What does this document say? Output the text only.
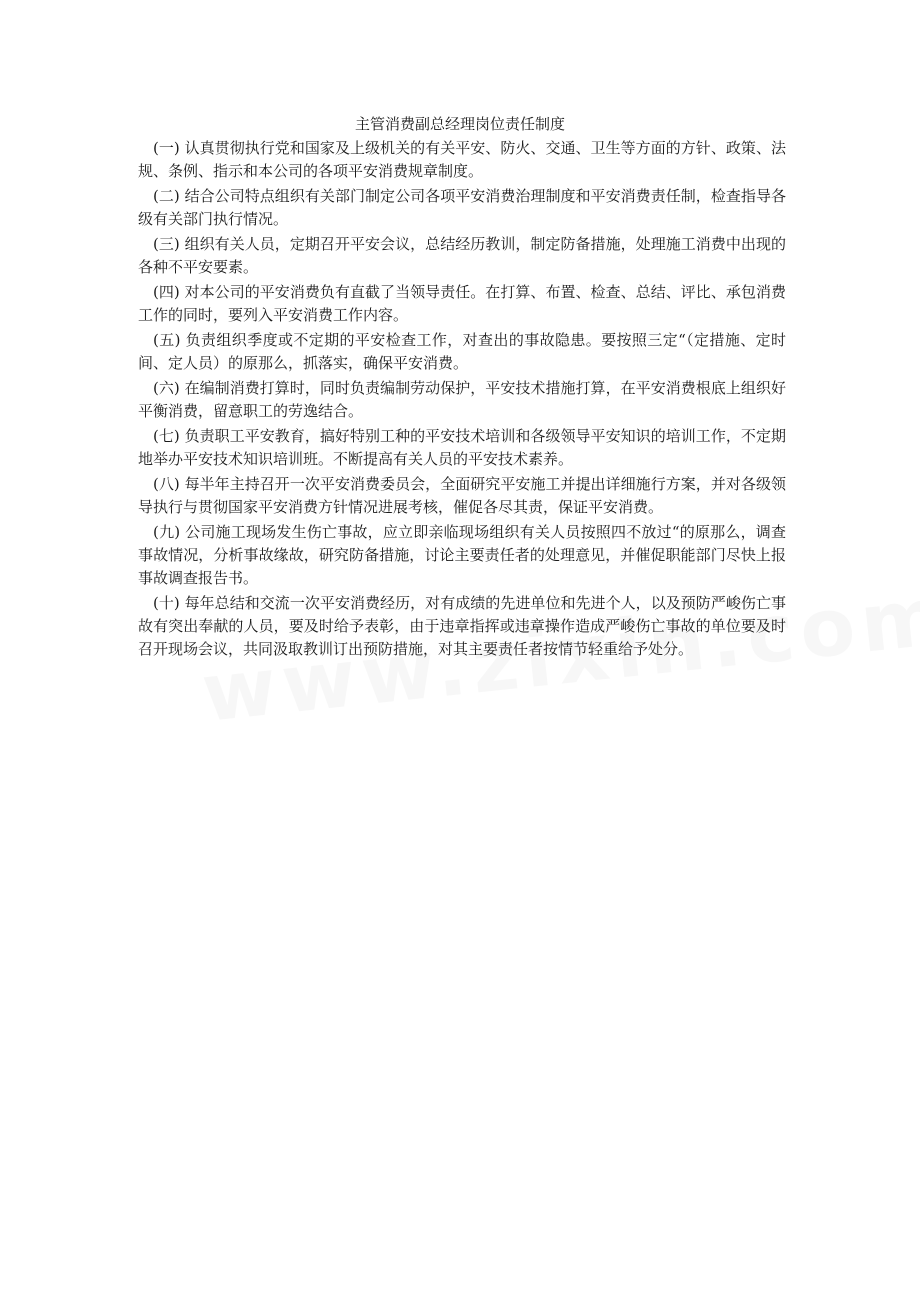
主管消费副总经理岗位责任制度

(一) 认真贯彻执行党和国家及上级机关的有关平安、防火、交通、卫生等方面的方针、政策、法规、条例、指示和本公司的各项平安消费规章制度。

(二) 结合公司特点组织有关部门制定公司各项平安消费治理制度和平安消费责任制，检查指导各级有关部门执行情况。

(三) 组织有关人员，定期召开平安会议，总结经历教训，制定防备措施，处理施工消费中出现的各种不平安要素。

(四) 对本公司的平安消费负有直截了当领导责任。在打算、布置、检查、总结、评比、承包消费工作的同时，要列入平安消费工作内容。

(五) 负责组织季度或不定期的平安检查工作，对查出的事故隐患。要按照三定“（定措施、定时间、定人员）的原那么，抓落实，确保平安消费。

(六) 在编制消费打算时，同时负责编制劳动保护，平安技术措施打算，在平安消费根底上组织好平衡消费，留意职工的劳逸结合。

(七) 负责职工平安教育，搞好特别工种的平安技术培训和各级领导平安知识的培训工作，不定期地举办平安技术知识培训班。不断提高有关人员的平安技术素养。

(八) 每半年主持召开一次平安消费委员会，全面研究平安施工并提出详细施行方案，并对各级领导执行与贯彻国家平安消费方针情况进展考核，催促各尽其责，保证平安消费。

(九) 公司施工现场发生伤亡事故，应立即亲临现场组织有关人员按照四不放过“的原那么，调查事故情况，分析事故缘故，研究防备措施，讨论主要责任者的处理意见，并催促职能部门尽快上报事故调查报告书。

(十) 每年总结和交流一次平安消费经历，对有成绩的先进单位和先进个人，以及预防严峻伤亡事故有突出奉献的人员，要及时给予表彰，由于违章指挥或违章操作造成严峻伤亡事故的单位要及时召开现场会议，共同汲取教训订出预防措施，对其主要责任者按情节轻重给予处分。
